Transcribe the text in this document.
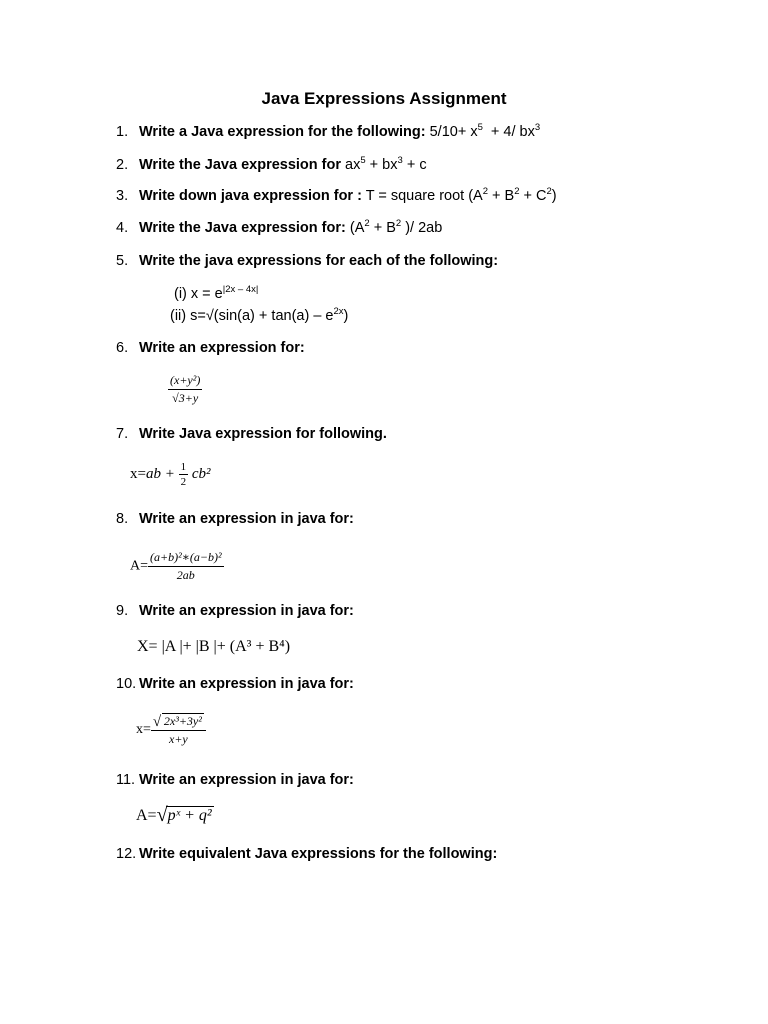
Java Expressions Assignment
1. Write a Java expression for the following: $5/10+ x^5 + 4/$ $bx^3$
2. Write the Java expression for $ax^5 + bx^3 + c$
3. Write down java expression for : T = square root $(A^2 + B^2 + C^2)$
4. Write the Java expression for: ($A^2 + B^2$ )/ 2ab
5. Write the java expressions for each of the following:
(i) $x = e^{|2x - 4x|}$
(ii) $s=√(\sin(a) + \tan(a) - e^{2x})$
6. Write an expression for:
$\frac{\text{(x+y²)}}{√3+y}$
7. Write Java expression for following.
$x=ab + \frac{1}{2} cb^2$
8. Write an expression in java for:
$A= \frac{\text{(a+b)²∗(a−b)²}}{2ab}$
9. Write an expression in java for:
X= |A |+ |B |+ (A³ + B⁴)
10. Write an expression in java for:
$x= \frac{\text{√ 2x³+3y²}}{x+y}$
11. Write an expression in java for:
A= √ pˣ + q²
12. Write equivalent Java expressions for the following:
